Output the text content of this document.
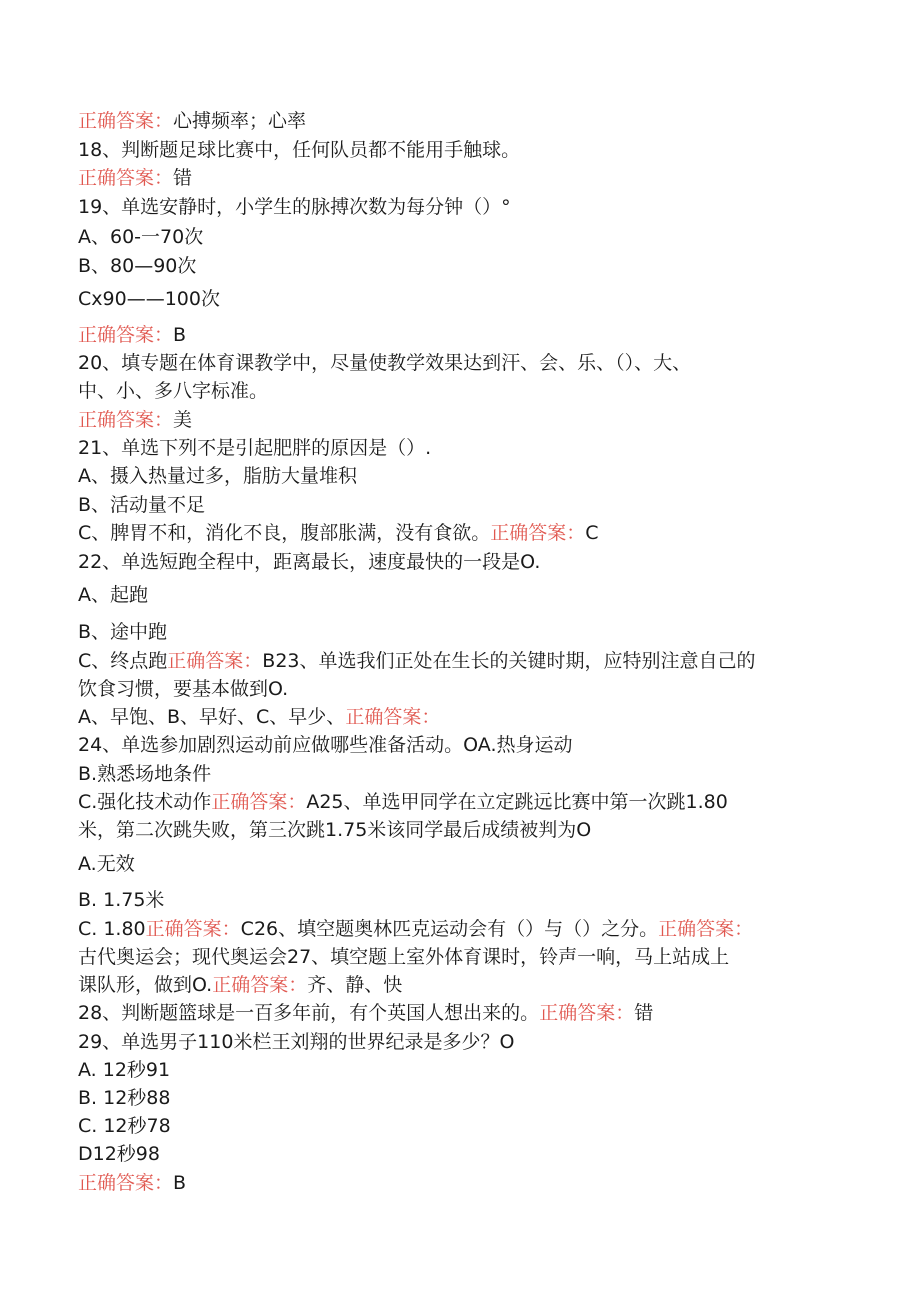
正确答案：心搏频率；心率
18、判断题足球比赛中，任何队员都不能用手触球。
正确答案：错
19、单选安静时，小学生的脉搏次数为每分钟（）°
A、60-一70次
B、80—90次
Cx90——100次
正确答案：B
20、填专题在体育课教学中，尽量使教学效果达到汗、会、乐、（）、大、
中、小、多八字标准。
正确答案：美
21、单选下列不是引起肥胖的原因是（）.
A、摄入热量过多，脂肪大量堆积
B、活动量不足
C、脾胃不和，消化不良，腹部胀满，没有食欲。正确答案：C
22、单选短跑全程中，距离最长，速度最快的一段是O.
A、起跑
B、途中跑
C、终点跑正确答案：B23、单选我们正处在生长的关键时期，应特别注意自己的
饮食习惯，要基本做到O.
A、早饱、B、早好、C、早少、正确答案：
24、单选参加剧烈运动前应做哪些准备活动。OA.热身运动
B.熟悉场地条件
C.强化技术动作正确答案：A25、单选甲同学在立定跳远比赛中第一次跳1.80
米，第二次跳失败，第三次跳1.75米该同学最后成绩被判为O
A.无效
B. 1.75米
C. 1.80正确答案：C26、填空题奥林匹克运动会有（）与（）之分。正确答案：
古代奥运会；现代奥运会27、填空题上室外体育课时，铃声一响，马上站成上
课队形，做到O.正确答案：齐、静、快
28、判断题篮球是一百多年前，有个英国人想出来的。正确答案：错
29、单选男子110米栏王刘翔的世界纪录是多少？O
A. 12秒91
B. 12秒88
C. 12秒78
D12秒98
正确答案：B
